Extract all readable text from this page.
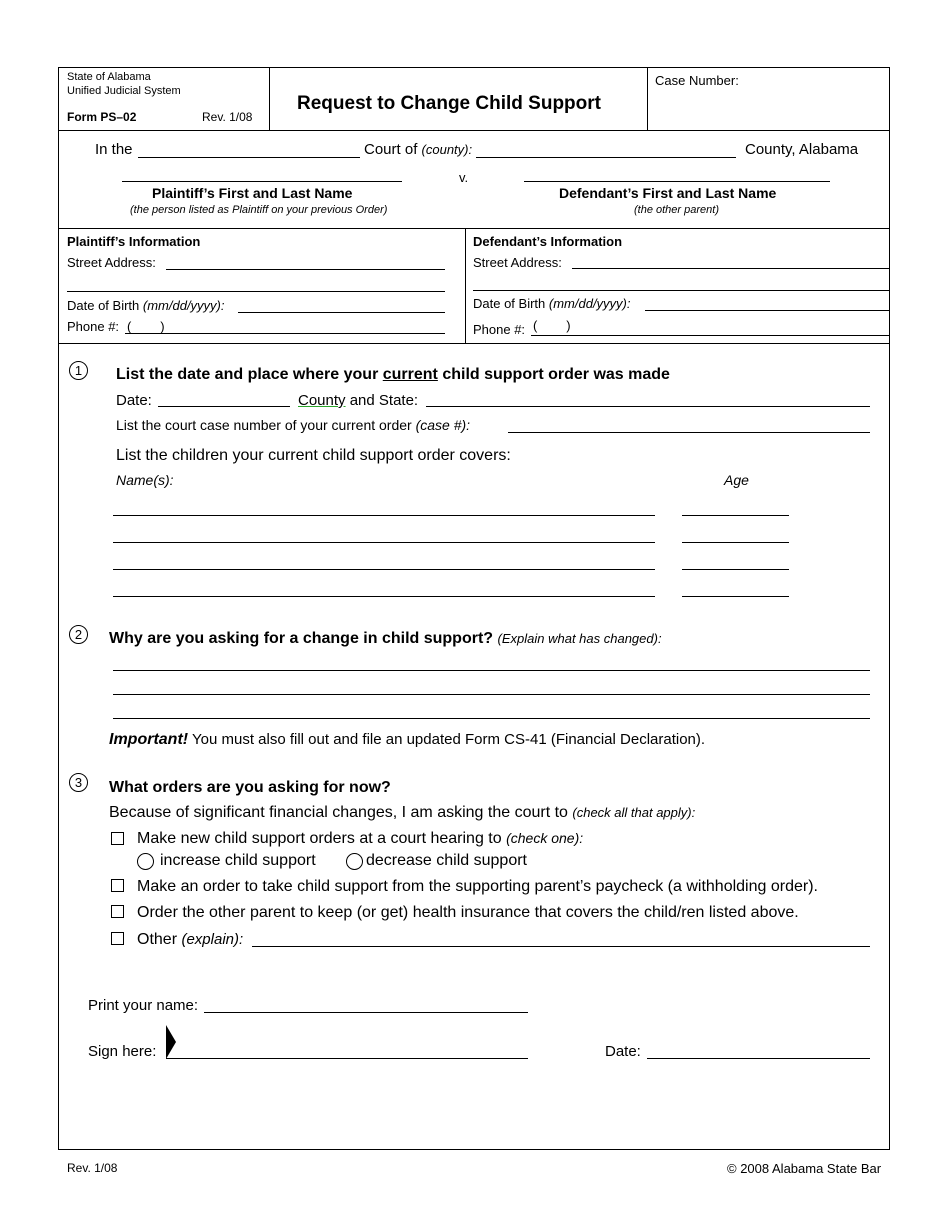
State of Alabama
Unified Judicial System
Form PS–02	Rev. 1/08
Request to Change Child Support
Case Number:
In the	Court of (county):	County, Alabama
v.
Plaintiff’s First and Last Name
(the person listed as Plaintiff on your previous Order)
Defendant’s First and Last Name
(the other parent)
Plaintiff’s Information
Street Address:
Date of Birth (mm/dd/yyyy):
Phone #: (        )
Defendant’s Information
Street Address:
Date of Birth (mm/dd/yyyy):
Phone #: (        )
1	List the date and place where your current child support order was made
Date:	County and State:
List the court case number of your current order (case #):
List the children your current child support order covers:
Name(s):	Age
2	Why are you asking for a change in child support? (Explain what has changed):
Important! You must also fill out and file an updated Form CS-41 (Financial Declaration).
3	What orders are you asking for now?
Because of significant financial changes, I am asking the court to (check all that apply):
Make new child support orders at a court hearing to (check one):
increase child support	decrease child support
Make an order to take child support from the supporting parent’s paycheck (a withholding order).
Order the other parent to keep (or get) health insurance that covers the child/ren listed above.
Other (explain):
Print your name:
Sign here:	Date:
Rev. 1/08	© 2008 Alabama State Bar
